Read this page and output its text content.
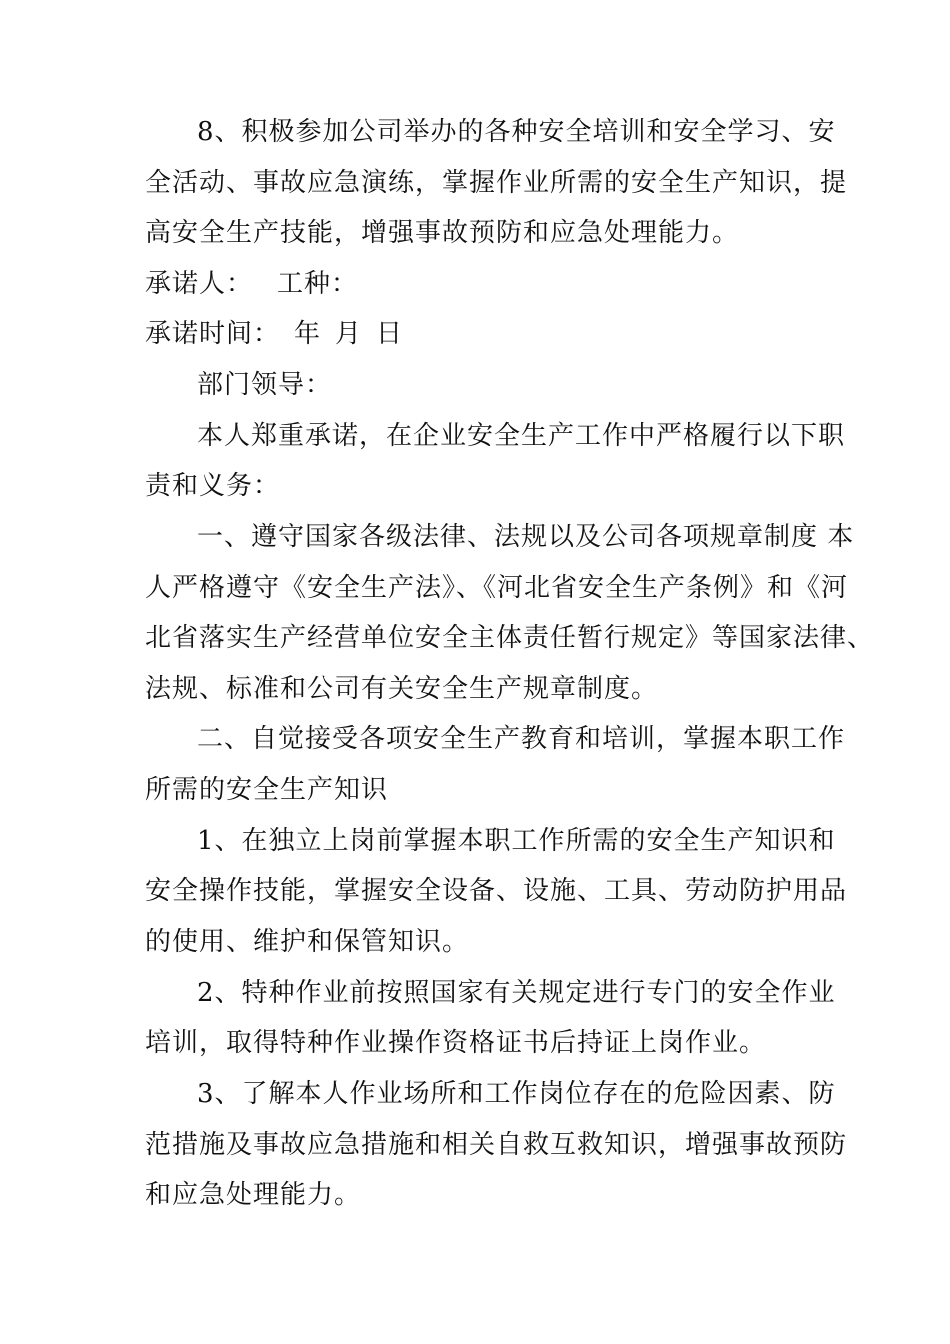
8、积极参加公司举办的各种安全培训和安全学习、安
全活动、事故应急演练，掌握作业所需的安全生产知识，提
高安全生产技能，增强事故预防和应急处理能力。
承诺人： 工种：
承诺时间： 年 月 日
部门领导：
本人郑重承诺，在企业安全生产工作中严格履行以下职
责和义务：
一、遵守国家各级法律、法规以及公司各项规章制度 本
人严格遵守《安全生产法》、《河北省安全生产条例》和《河
北省落实生产经营单位安全主体责任暂行规定》等国家法律、
法规、标准和公司有关安全生产规章制度。
二、自觉接受各项安全生产教育和培训，掌握本职工作
所需的安全生产知识
1、在独立上岗前掌握本职工作所需的安全生产知识和
安全操作技能，掌握安全设备、设施、工具、劳动防护用品
的使用、维护和保管知识。
2、特种作业前按照国家有关规定进行专门的安全作业
培训，取得特种作业操作资格证书后持证上岗作业。
3、了解本人作业场所和工作岗位存在的危险因素、防
范措施及事故应急措施和相关自救互救知识，增强事故预防
和应急处理能力。
